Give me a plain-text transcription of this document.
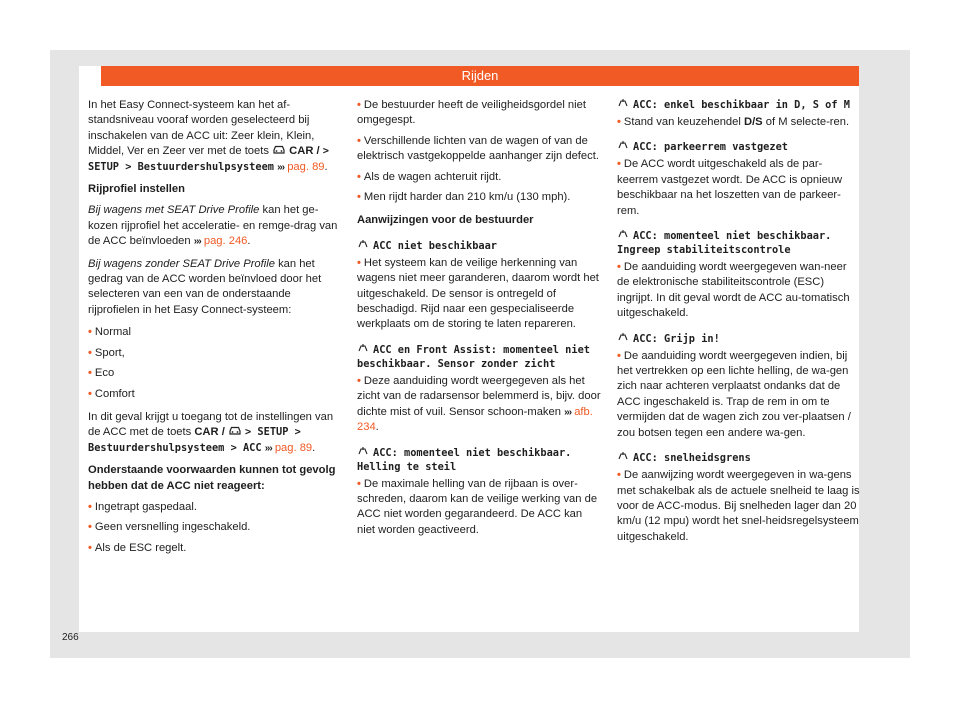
Rijden

In het Easy Connect-systeem kan het af-standsniveau vooraf worden geselecteerd bij inschakelen van de ACC uit: Zeer klein, Klein, Middel, Ver en Zeer ver met de toets CAR / > SETUP > Bestuurdershulpsysteem ››› pag. 89.

Rijprofiel instellen

Bij wagens met SEAT Drive Profile kan het ge-kozen rijprofiel het acceleratie- en remge-drag van de ACC beïnvloeden ››› pag. 246.

Bij wagens zonder SEAT Drive Profile kan het gedrag van de ACC worden beïnvloed door het selecteren van een van de onderstaande rijprofielen in het Easy Connect-systeem:

• Normal
• Sport,
• Eco
• Comfort

In dit geval krijgt u toegang tot de instellingen van de ACC met de toets CAR / > SETUP > Bestuurdershulpsysteem > ACC ››› pag. 89.

Onderstaande voorwaarden kunnen tot gevolg hebben dat de ACC niet reageert:

• Ingetrapt gaspedaal.
• Geen versnelling ingeschakeld.
• Als de ESC regelt.
• De bestuurder heeft de veiligheidsgordel niet omgegespt.
• Verschillende lichten van de wagen of van de elektrisch vastgekoppelde aanhanger zijn defect.
• Als de wagen achteruit rijdt.
• Men rijdt harder dan 210 km/u (130 mph).

Aanwijzingen voor de bestuurder

ACC niet beschikbaar
• Het systeem kan de veilige herkenning van wagens niet meer garanderen, daarom wordt het uitgeschakeld. De sensor is ontregeld of beschadigd. Rijd naar een gespecialiseerde werkplaats om de storing te laten repareren.
ACC en Front Assist: momenteel niet beschikbaar. Sensor zonder zicht
• Deze aanduiding wordt weergegeven als het zicht van de radarsensor belemmerd is, bijv. door dichte mist of vuil. Sensor schoon-maken ››› afb. 234.
ACC: momenteel niet beschikbaar. Helling te steil
• De maximale helling van de rijbaan is over-schreden, daarom kan de veilige werking van de ACC niet worden gegarandeerd. De ACC kan niet worden geactiveerd.
ACC: enkel beschikbaar in D, S of M
• Stand van keuzehendel D/S of M selecte-ren.
ACC: parkeerrem vastgezet
• De ACC wordt uitgeschakeld als de par-keerrem vastgezet wordt. De ACC is opnieuw beschikbaar na het loszetten van de parkeer-rem.
ACC: momenteel niet beschikbaar. Ingreep stabiliteitscontrole
• De aanduiding wordt weergegeven wan-neer de elektronische stabiliteitscontrole (ESC) ingrijpt. In dit geval wordt de ACC au-tomatisch uitgeschakeld.
ACC: Grijp in!
• De aanduiding wordt weergegeven indien, bij het vertrekken op een lichte helling, de wa-gen zich naar achteren verplaatst ondanks dat de ACC ingeschakeld is. Trap de rem in om te vermijden dat de wagen zich zou ver-plaatsen / zou botsen tegen een andere wa-gen.
ACC: snelheidsgrens
• De aanwijzing wordt weergegeven in wa-gens met schakelbak als de actuele snelheid te laag is voor de ACC-modus. Bij snelheden lager dan 20 km/u (12 mpu) wordt het snel-heidsregelsysteem uitgeschakeld.
266
